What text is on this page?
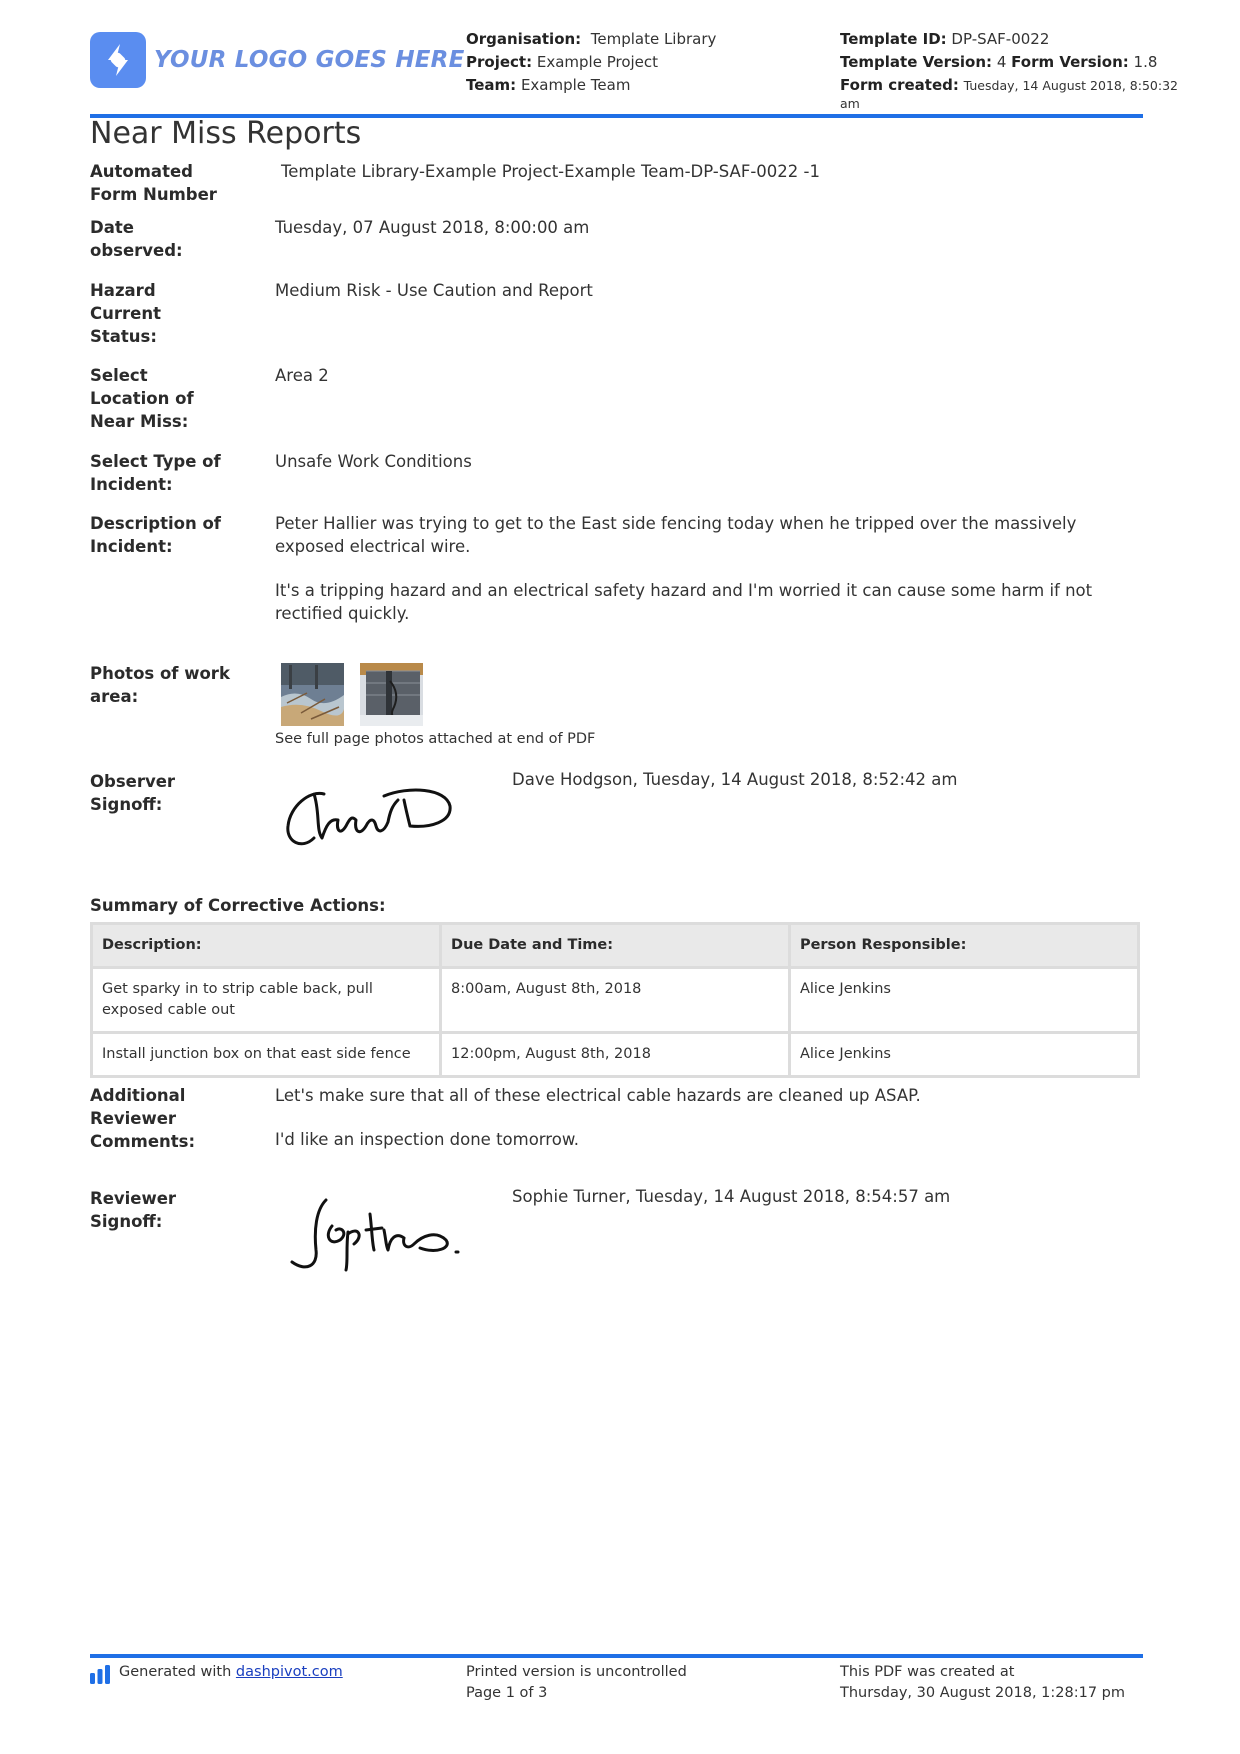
YOUR LOGO GOES HERE
Organisation: Template Library
Project: Example Project
Team: Example Team
Template ID: DP-SAF-0022
Template Version: 4 Form Version: 1.8
Form created: Tuesday, 14 August 2018, 8:50:32
am
Near Miss Reports
Automated Form Number
Template Library-Example Project-Example Team-DP-SAF-0022 -1
Date observed:
Tuesday, 07 August 2018, 8:00:00 am
Hazard Current Status:
Medium Risk - Use Caution and Report
Select Location of Near Miss:
Area 2
Select Type of Incident:
Unsafe Work Conditions
Description of Incident:

Peter Hallier was trying to get to the East side fencing today when he tripped over the massively exposed electrical wire.

It's a tripping hazard and an electrical safety hazard and I'm worried it can cause some harm if not rectified quickly.

Photos of work area:
See full page photos attached at end of PDF
Observer Signoff:
Dave Hodgson, Tuesday, 14 August 2018, 8:52:42 am
Summary of Corrective Actions:
Description:	Due Date and Time:	Person Responsible:
Get sparky in to strip cable back, pull exposed cable out	8:00am, August 8th, 2018	Alice Jenkins
Install junction box on that east side fence	12:00pm, August 8th, 2018	Alice Jenkins
Additional Reviewer Comments:

Let's make sure that all of these electrical cable hazards are cleaned up ASAP.

I'd like an inspection done tomorrow.

Reviewer Signoff:
Sophie Turner, Tuesday, 14 August 2018, 8:54:57 am
Generated with dashpivot.com	Printed version is uncontrolled
Page 1 of 3
This PDF was created at
Thursday, 30 August 2018, 1:28:17 pm
